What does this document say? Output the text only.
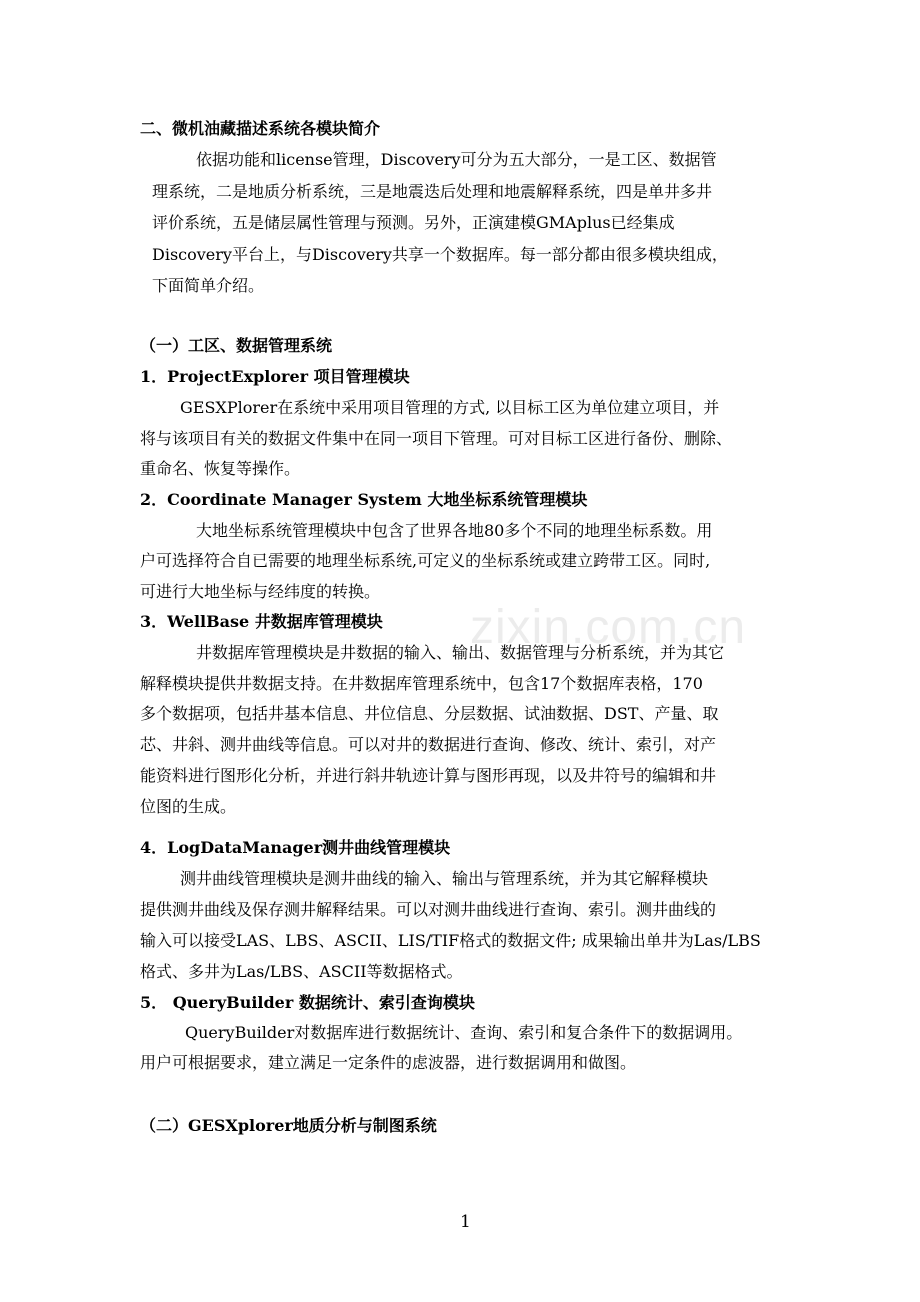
zixin.com.cn
二、微机油藏描述系统各模块简介
依据功能和license管理，Discovery可分为五大部分，一是工区、数据管
理系统，二是地质分析系统，三是地震迭后处理和地震解释系统，四是单井多井
评价系统，五是储层属性管理与预测。另外，正演建模GMAplus已经集成
Discovery平台上，与Discovery共享一个数据库。每一部分都由很多模块组成，
下面简单介绍。
（一）工区、数据管理系统
1．ProjectExplorer 项目管理模块
GESXPlorer在系统中采用项目管理的方式, 以目标工区为单位建立项目，并
将与该项目有关的数据文件集中在同一项目下管理。可对目标工区进行备份、删除、
重命名、恢复等操作。
2．Coordinate Manager System 大地坐标系统管理模块
大地坐标系统管理模块中包含了世界各地80多个不同的地理坐标系数。用
户可选择符合自已需要的地理坐标系统,可定义的坐标系统或建立跨带工区。同时,
可进行大地坐标与经纬度的转换。
3．WellBase 井数据库管理模块
井数据库管理模块是井数据的输入、输出、数据管理与分析系统，并为其它
解释模块提供井数据支持。在井数据库管理系统中，包含17个数据库表格，170
多个数据项，包括井基本信息、井位信息、分层数据、试油数据、DST、产量、取
芯、井斜、测井曲线等信息。可以对井的数据进行查询、修改、统计、索引，对产
能资料进行图形化分析，并进行斜井轨迹计算与图形再现，以及井符号的编辑和井
位图的生成。
4．LogDataManager测井曲线管理模块
测井曲线管理模块是测井曲线的输入、输出与管理系统，并为其它解释模块
提供测井曲线及保存测井解释结果。可以对测井曲线进行查询、索引。测井曲线的
输入可以接受LAS、LBS、ASCII、LIS/TIF格式的数据文件; 成果输出单井为Las/LBS
格式、多井为Las/LBS、ASCII等数据格式。
5． QueryBuilder 数据统计、索引查询模块
QueryBuilder对数据库进行数据统计、查询、索引和复合条件下的数据调用。
用户可根据要求，建立满足一定条件的虑波器，进行数据调用和做图。
（二）GESXplorer地质分析与制图系统
1
